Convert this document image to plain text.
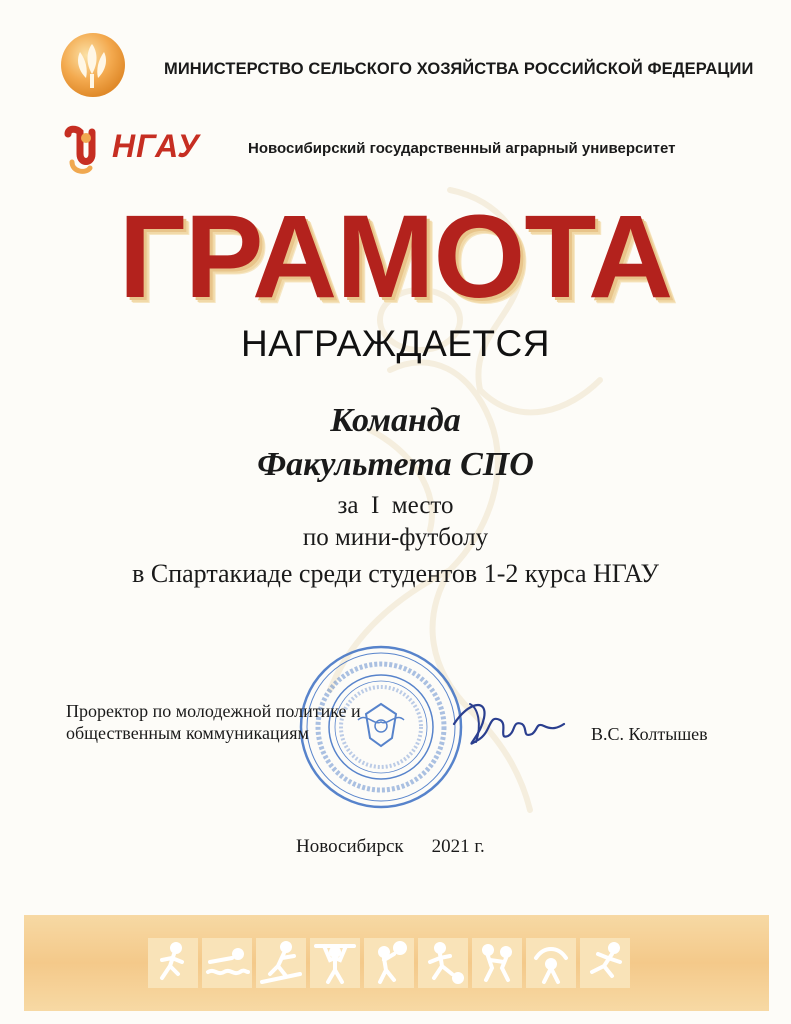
МИНИСТЕРСТВО СЕЛЬСКОГО ХОЗЯЙСТВА РОССИЙСКОЙ ФЕДЕРАЦИИ
НГАУ	Новосибирский государственный аграрный университет
ГРАМОТА
НАГРАЖДАЕТСЯ
Команда
Факультета СПО
за  I  место
по мини-футболу
в Спартакиаде среди студентов 1-2 курса НГАУ
Проректор по молодежной политике и
общественным коммуникациям	В.С. Колтышев
Новосибирск 2021 г.
